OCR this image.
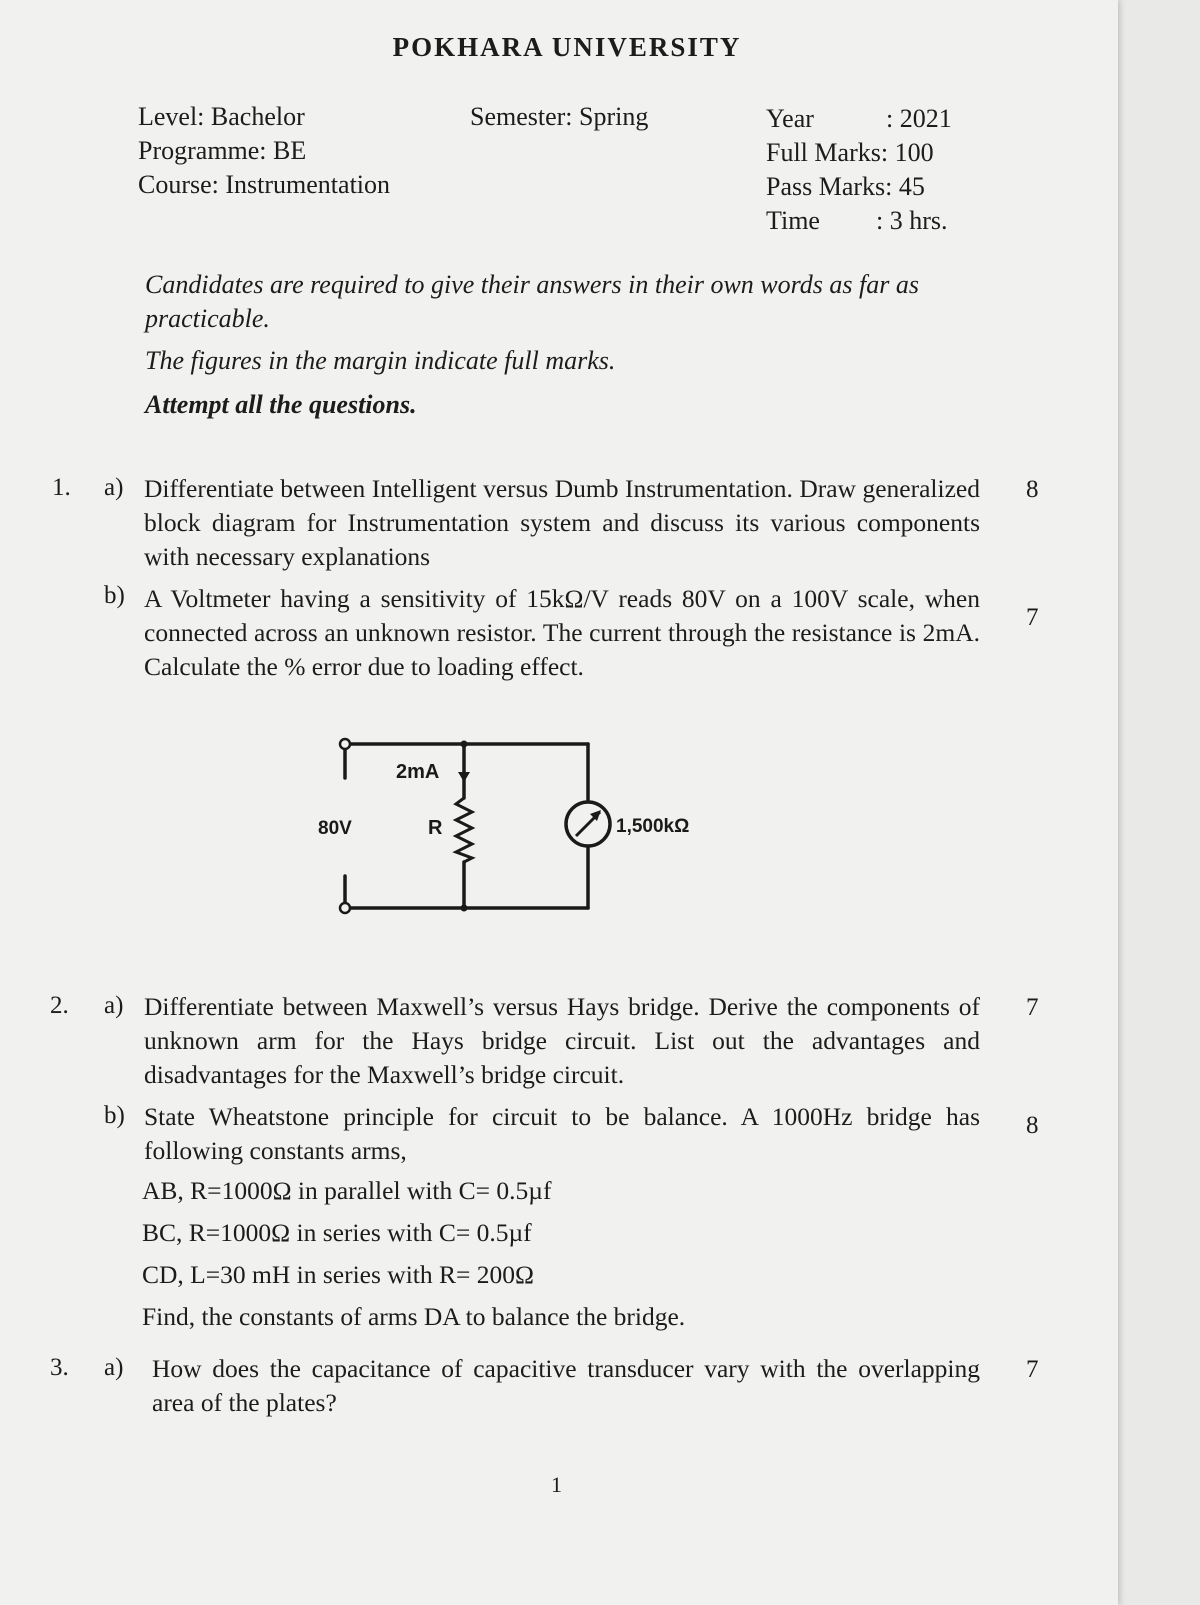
POKHARA UNIVERSITY
Level: Bachelor
Programme: BE
Course: Instrumentation
Semester: Spring	Year	: 2021
Full Marks: 100
Pass Marks: 45
Time : 3 hrs.
Candidates are required to give their answers in their own words as far as practicable.
The figures in the margin indicate full marks.
Attempt all the questions.
1. a) Differentiate between Intelligent versus Dumb Instrumentation. Draw generalized block diagram for Instrumentation system and discuss its various components with necessary explanations
8
b) A Voltmeter having a sensitivity of 15kΩ/V reads 80V on a 100V scale, when connected across an unknown resistor. The current through the resistance is 2mA. Calculate the % error due to loading effect.
7
2mA
80V	R	1,500kΩ
2. a) Differentiate between Maxwell’s versus Hays bridge. Derive the components of unknown arm for the Hays bridge circuit. List out the advantages and disadvantages for the Maxwell’s bridge circuit.
7
b) State Wheatstone principle for circuit to be balance. A 1000Hz bridge has following constants arms,
8
AB, R=1000Ω in parallel with C= 0.5µf
BC, R=1000Ω in series with C= 0.5µf
CD, L=30 mH in series with R= 200Ω
Find, the constants of arms DA to balance the bridge.
3. a) How does the capacitance of capacitive transducer vary with the overlapping area of the plates?
7
1
